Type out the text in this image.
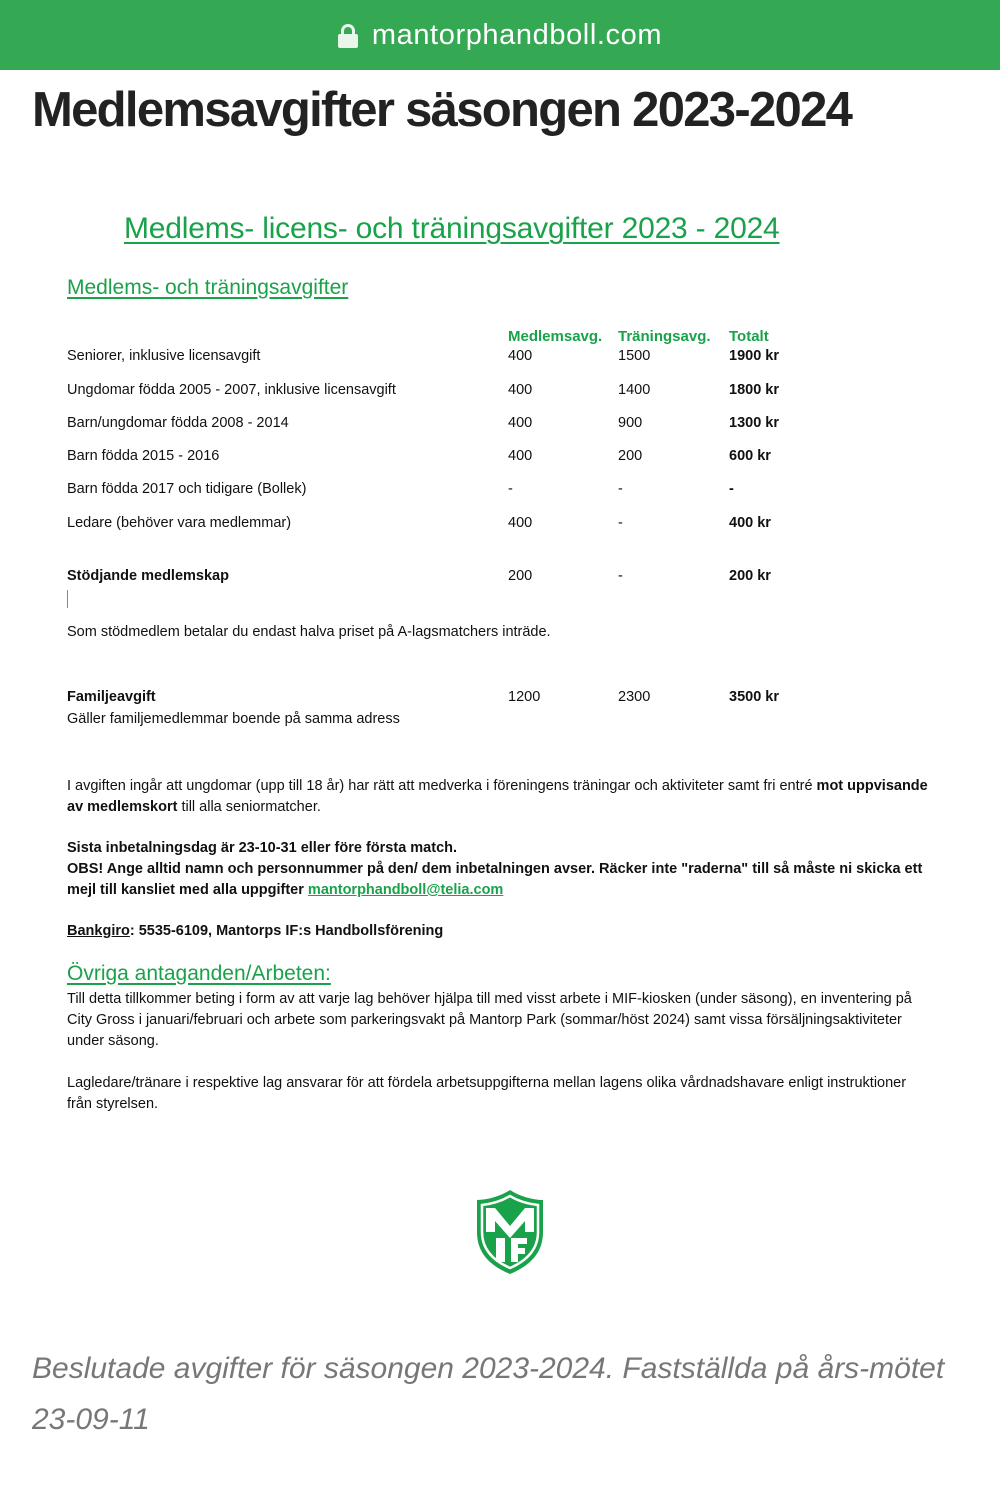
mantorphandboll.com
Medlemsavgifter säsongen 2023-2024
Medlems- licens- och träningsavgifter 2023 - 2024
Medlems- och träningsavgifter
Medlemsavg. Träningsavg. Totalt
Seniorer, inklusive licensavgift	400	1500	1900 kr
Ungdomar födda 2005 - 2007, inklusive licensavgift	400	1400	1800 kr
Barn/ungdomar födda 2008 - 2014	400	900	1300 kr
Barn födda 2015 - 2016	400	200	600 kr
Barn födda 2017 och tidigare (Bollek)	-	-	-
Ledare (behöver vara medlemmar)	400	-	400 kr
Stödjande medlemskap	200	-	200 kr
Som stödmedlem betalar du endast halva priset på A-lagsmatchers inträde.
Familjeavgift	1200	2300	3500 kr
Gäller familjemedlemmar boende på samma adress
I avgiften ingår att ungdomar (upp till 18 år) har rätt att medverka i föreningens träningar och aktiviteter samt fri entré mot uppvisande av medlemskort till alla seniormatcher.
Sista inbetalningsdag är 23-10-31 eller före första match.
OBS! Ange alltid namn och personnummer på den/ dem inbetalningen avser. Räcker inte "raderna" till så måste ni skicka ett mejl till kansliet med alla uppgifter mantorphandboll@telia.com
Bankgiro: 5535-6109, Mantorps IF:s Handbollsförening
Övriga antaganden/Arbeten:
Till detta tillkommer beting i form av att varje lag behöver hjälpa till med visst arbete i MIF-kiosken (under säsong), en inventering på City Gross i januari/februari och arbete som parkeringsvakt på Mantorp Park (sommar/höst 2024) samt vissa försäljningsaktiviteter under säsong.
Lagledare/tränare i respektive lag ansvarar för att fördela arbetsuppgifterna mellan lagens olika vårdnadshavare enligt instruktioner från styrelsen.
Beslutade avgifter för säsongen 2023-2024. Fastställda på års-mötet 23-09-11
